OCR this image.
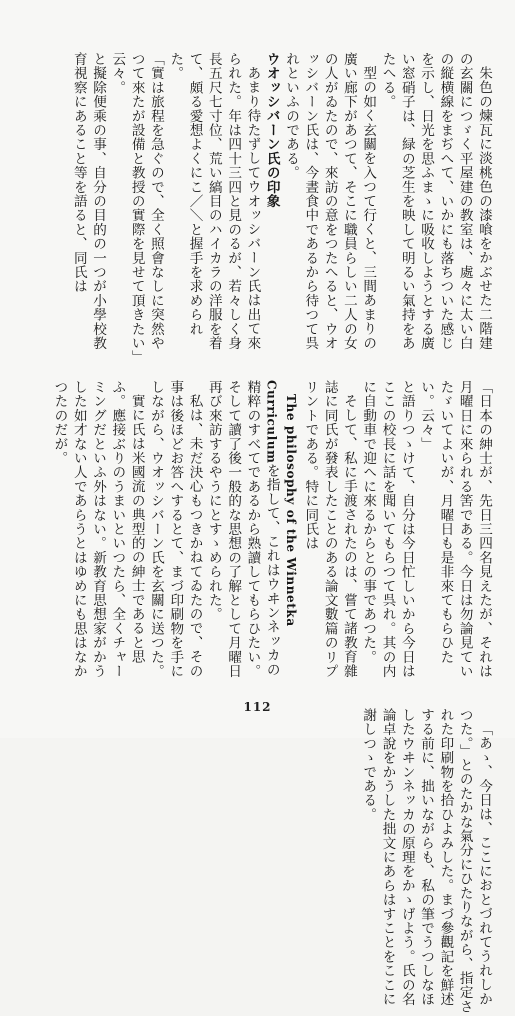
朱色の煉瓦に淡桃色の漆喰をかぶせた二階建の玄關につゞく平屋建の教室は、處々に太い白の縦横線をまぢへて、いかにも落ちついた感じを示し、日光を思ふまゝに吸收しようとする廣い窓硝子は、緑の芝生を映して明るい氣持をあたへる。

型の如く玄關を入つて行くと、三間あまりの廣い廊下があつて、そこに職員らしい二人の女の人がゐたので、來訪の意をつたへると、ウオッシバーン氏は、今晝食中であるから待つて呉れといふのである。

ウオッシバーン氏の印象

あまり待たずしてウオッシバーン氏は出て來られた。年は四十三四と見のるが、若々しく身長五尺七寸位、荒い縞目のハイカラの洋服を着て、頗る愛想よくにこ／＼と握手を求められた。

「實は旅程を急ぐので、全く照會なしに突然やつて來たが設備と教授の實際を見せて頂きたい」云々。

と擬除便乘の事、自分の目的の一つが小學校教育視察にあること等を語ると、同氏は

「日本の紳士が、先日三四名見えたが、それは月曜日に來られる筈である。今日は勿論見ていたゞいてよいが、月曜日も是非來てもらひたい。云々」

と語りつゝけて、自分は今日忙しいから今日はここの校長に話を聞いてもらつて呉れ。其の内に自動車で迎へに來るからとの事であつた。

そして、私に手渡されたのは、嘗て諸教育雜誌に同氏が發表したことのある論文數篇のリプリントである。特に同氏は

The philosophy of the Winnetka Curriculumを指して、これはウヰンネッカの精粹のすべてであるから熟讀してもらひたい。そして讀了後一般的な思想の了解として月曜日再び來訪するやうにとすゝめられた。

私は、未だ決心もつきかねてゐたので、その事は後ほどお答へするとて、まづ印刷物を手にしながら、ウオッシバーン氏を玄關に送つた。

實に氏は米國流の典型的の紳士であると思ふ。應接ぶりのうまいといつたら、全くチャーミングだといふ外はない。新教育思想家がかうした如才ない人であらうとはゆめにも思はなかつたのだが。

「あゝ、今日は、ここにおとづれてうれしかつた。」とのたかな氣分にひたりながら、指定された印刷物を拾ひよみした。まづ參觀記を鮮述する前に、拙いながらも、私の筆でうつしなほしたウヰンネッカの原理をかゝげよう。氏の名論卓說をかうした拙文にあらはすことをここに謝しつゝである。

112
